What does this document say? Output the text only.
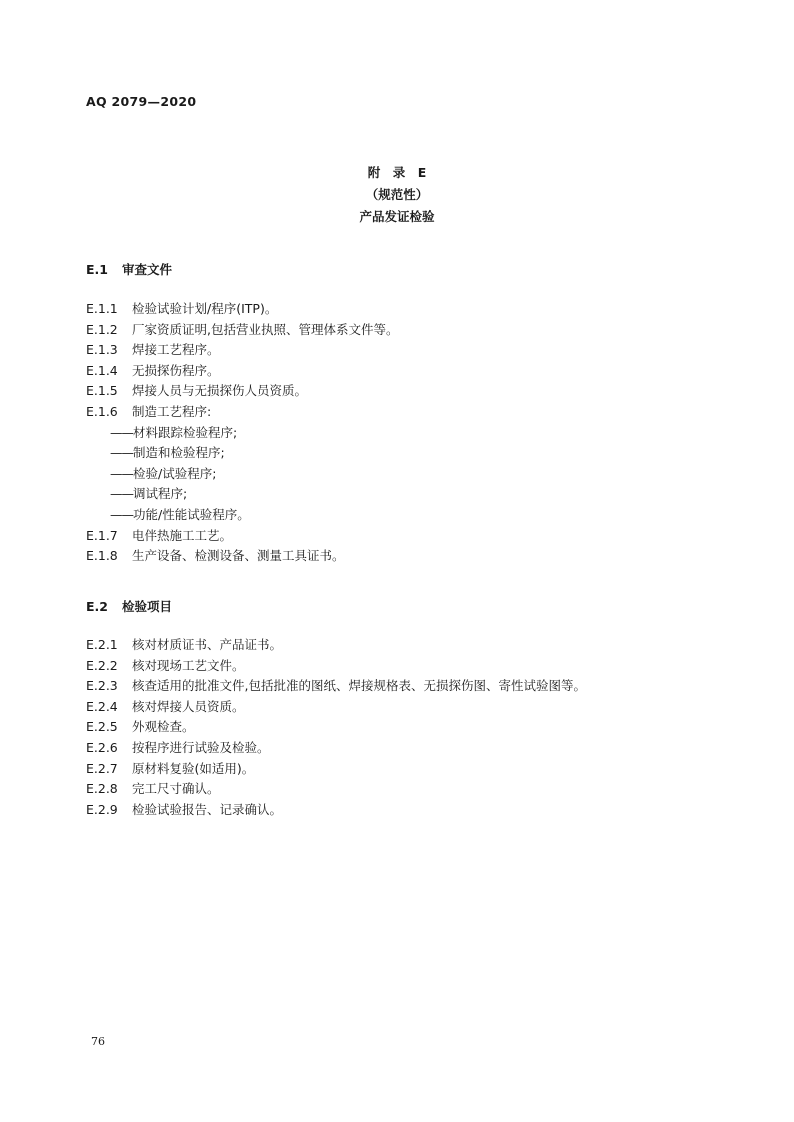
AQ 2079—2020
附　录　E
（规范性）
产品发证检验
E.1 审查文件
E.1.1 检验试验计划/程序(ITP)。
E.1.2 厂家资质证明,包括营业执照、管理体系文件等。
E.1.3 焊接工艺程序。
E.1.4 无损探伤程序。
E.1.5 焊接人员与无损探伤人员资质。
E.1.6 制造工艺程序:
——材料跟踪检验程序;
——制造和检验程序;
——检验/试验程序;
——调试程序;
——功能/性能试验程序。
E.1.7 电伴热施工工艺。
E.1.8 生产设备、检测设备、测量工具证书。
E.2 检验项目
E.2.1 核对材质证书、产品证书。
E.2.2 核对现场工艺文件。
E.2.3 核查适用的批准文件,包括批准的图纸、焊接规格表、无损探伤图、寄性试验图等。
E.2.4 核对焊接人员资质。
E.2.5 外观检查。
E.2.6 按程序进行试验及检验。
E.2.7 原材料复验(如适用)。
E.2.8 完工尺寸确认。
E.2.9 检验试验报告、记录确认。
76
